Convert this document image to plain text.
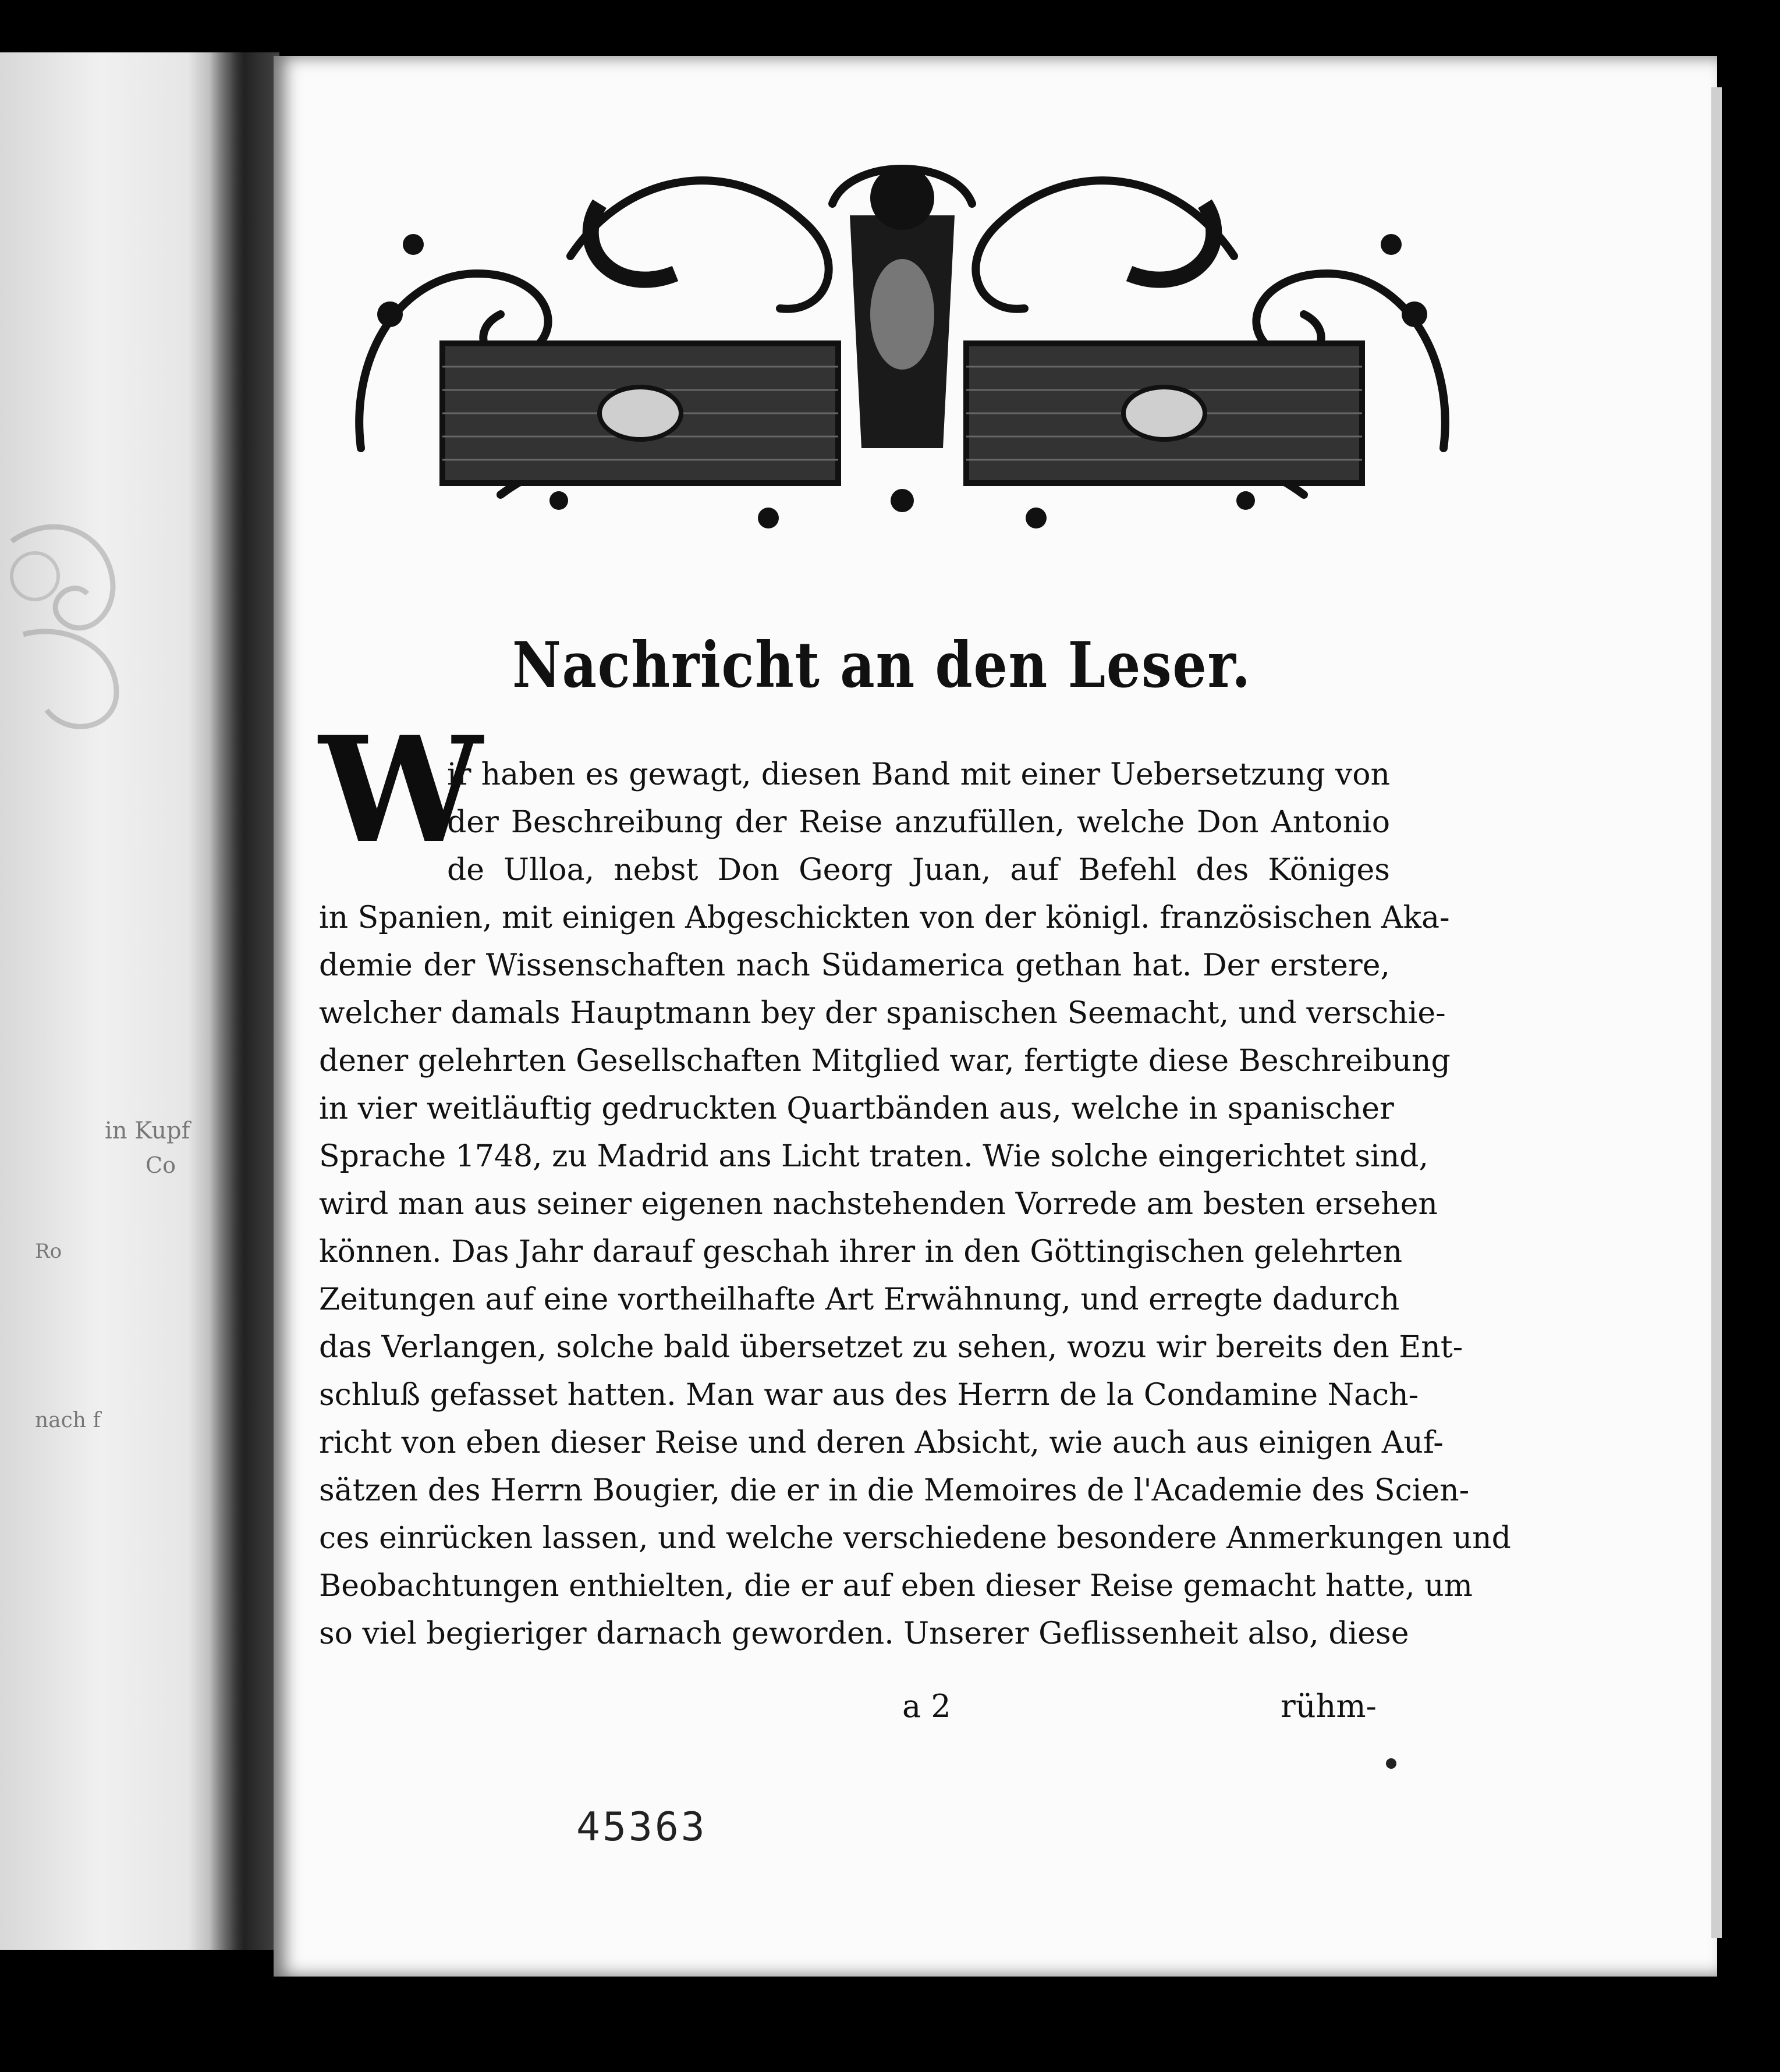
in Kupf
Co
Ro
nach f
Nachricht an den Leser.
W
ir haben es gewagt, diesen Band mit einer Uebersetzung von
der Beschreibung der Reise anzufüllen, welche Don Antonio
de Ulloa, nebst Don Georg Juan, auf Befehl des Königes
in Spanien, mit einigen Abgeschickten von der königl. französischen Aka-
demie der Wissenschaften nach Südamerica gethan hat. Der erstere,
welcher damals Hauptmann bey der spanischen Seemacht, und verschie-
dener gelehrten Gesellschaften Mitglied war, fertigte diese Beschreibung
in vier weitläuftig gedruckten Quartbänden aus, welche in spanischer
Sprache 1748, zu Madrid ans Licht traten. Wie solche eingerichtet sind,
wird man aus seiner eigenen nachstehenden Vorrede am besten ersehen
können. Das Jahr darauf geschah ihrer in den Göttingischen gelehrten
Zeitungen auf eine vortheilhafte Art Erwähnung, und erregte dadurch
das Verlangen, solche bald übersetzet zu sehen, wozu wir bereits den Ent-
schluß gefasset hatten. Man war aus des Herrn de la Condamine Nach-
richt von eben dieser Reise und deren Absicht, wie auch aus einigen Auf-
sätzen des Herrn Bougier, die er in die Memoires de l'Academie des Scien-
ces einrücken lassen, und welche verschiedene besondere Anmerkungen und
Beobachtungen enthielten, die er auf eben dieser Reise gemacht hatte, um
so viel begieriger darnach geworden. Unserer Geflissenheit also, diese
a 2	rühm-
45363
